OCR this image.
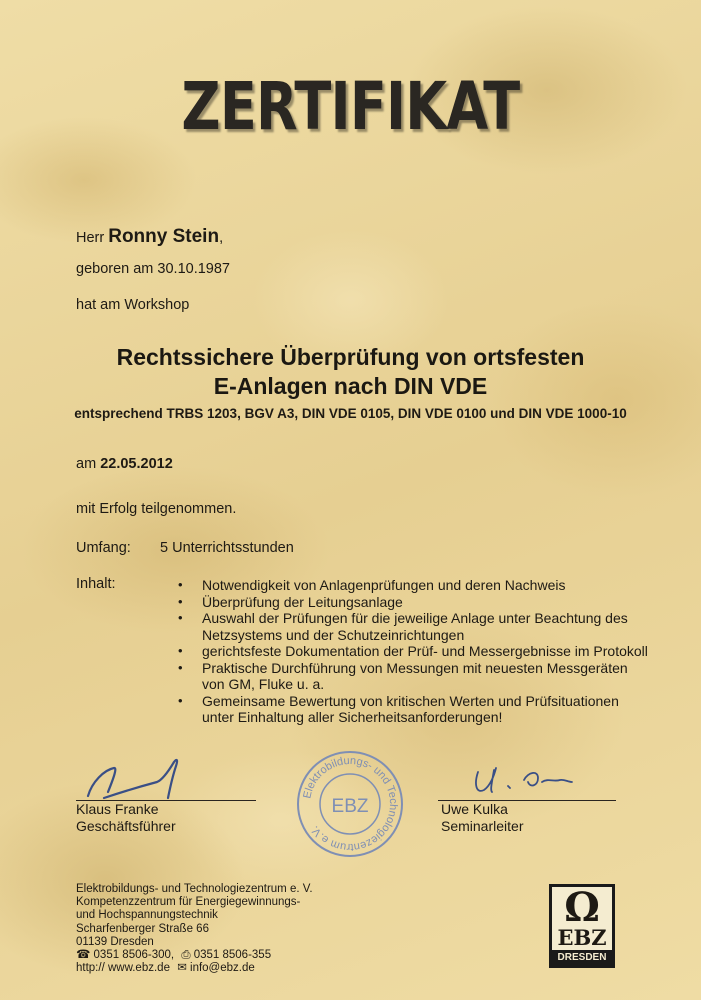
ZERTIFIKAT
Herr Ronny Stein,
geboren am 30.10.1987
hat am Workshop
Rechtssichere Überprüfung von ortsfesten
E-Anlagen nach DIN VDE
entsprechend TRBS 1203, BGV A3, DIN VDE 0105, DIN VDE 0100 und DIN VDE 1000-10
am 22.05.2012
mit Erfolg teilgenommen.
Umfang: 5 Unterrichtsstunden
Inhalt:	• Notwendigkeit von Anlagenprüfungen und deren Nachweis
• Überprüfung der Leitungsanlage
• Auswahl der Prüfungen für die jeweilige Anlage unter Beachtung des Netzsystems und der Schutzeinrichtungen
• gerichtsfeste Dokumentation der Prüf- und Messergebnisse im Protokoll
• Praktische Durchführung von Messungen mit neuesten Messgeräten von GM, Fluke u. a.
• Gemeinsame Bewertung von kritischen Werten und Prüfsituationen unter Einhaltung aller Sicherheitsanforderungen!
Klaus Franke
Geschäftsführer
Elektrobildungs- und Technologiezentrum e.V.
EBZ	Uwe Kulka
Seminarleiter
Elektrobildungs- und Technologiezentrum e. V.
Kompetenzzentrum für Energiegewinnungs-
und Hochspannungstechnik
Scharfenberger Straße 66
01139 Dresden
☎ 0351 8506-300, ⎙ 0351 8506-355
http:// www.ebz.de ✉ info@ebz.de
Ω
EBZ
DRESDEN
